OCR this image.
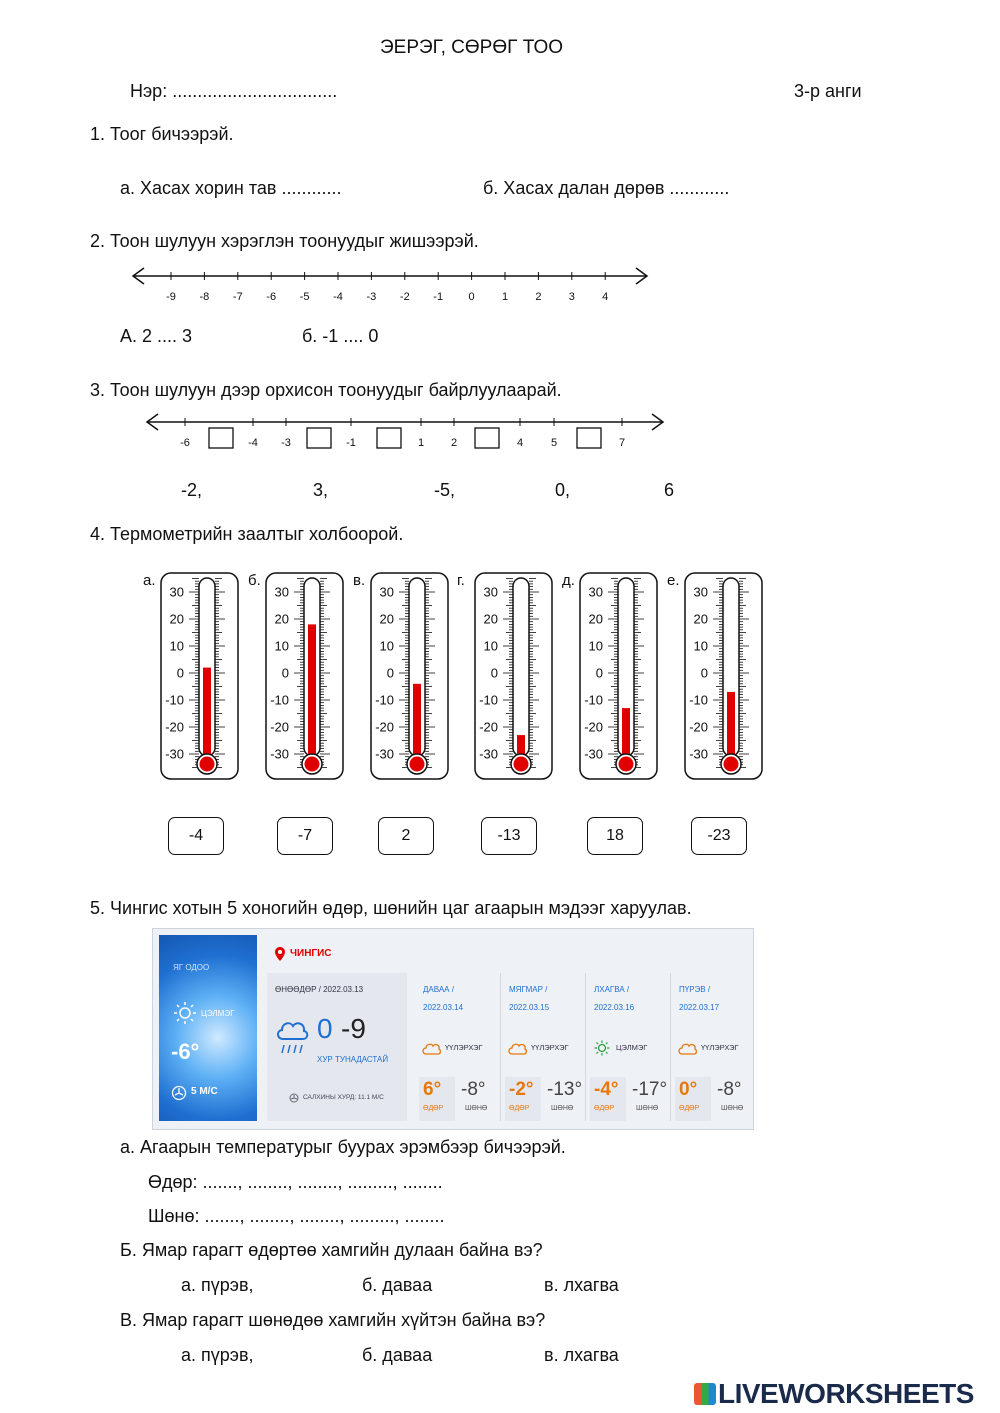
ЭЕРЭГ, СӨРӨГ ТОО
Нэр: .................................	3-р анги
1. Тоог бичээрэй.
а. Хасах хорин тав ............	б. Хасах далан дөрөв ............
2. Тоон шулуун хэрэглэн тоонуудыг жишээрэй.
-9 -8 -7 -6 -5 -4 -3 -2 -1 0 1 2 3 4
А. 2 .... 3	б. -1 .... 0
3. Тоон шулуун дээр орхисон тоонуудыг байрлуулаарай.
-6	-4 -3	-1	1 2	4	5	7
-2,	3,	-5,	0,	6
4. Термометрийн заалтыг холбоорой.
а.
30
20
10
0
-10
-20
-30
б.
30
20
10
0
-10
-20
-30
в.
30
20
10
0
-10
-20
-30
г.
30
20
10
0
-10
-20
-30
д.
30
20
10
0
-10
-20
-30
е.
30
20
10
0
-10
-20
-30
-4	-7	2	-13	18	-23
5. Чингис хотын 5 хоногийн өдөр, шөнийн цаг агаарын мэдээг харуулав.
ЯГ ОДОО
ЦЭЛМЭГ
-6°
5 М/С
ЧИНГИС
ӨНӨӨДӨР / 2022.03.13
0 -9
ХУР ТУНАДАСТАЙ
САЛХИНЫ ХУРД: 11.1 М/С
ДАВАА /
2022.03.14
ҮҮЛЭРХЭГ
6°
ӨДӨР
-8°
ШӨНӨ
МЯГМАР /
2022.03.15
ҮҮЛЭРХЭГ
-2°
ӨДӨР
-13°
ШӨНӨ
ЛХАГВА /
2022.03.16
ЦЭЛМЭГ
-4°
ӨДӨР
-17°
ШӨНӨ
ПҮРЭВ /
2022.03.17
ҮҮЛЭРХЭГ
0°
ӨДӨР
-8°
ШӨНӨ
а. Агаарын температурыг буурах эрэмбээр бичээрэй.
Өдөр: ......., ........, ........, ........., ........
Шөнө: ......., ........, ........, ........., ........
Б. Ямар гарагт өдөртөө хамгийн дулаан байна вэ?
а. пүрэв,	б. даваа	в. лхагва
В. Ямар гарагт шөнөдөө хамгийн хүйтэн байна вэ?
а. пүрэв,	б. даваа	в. лхагва
LIVEWORKSHEETS
